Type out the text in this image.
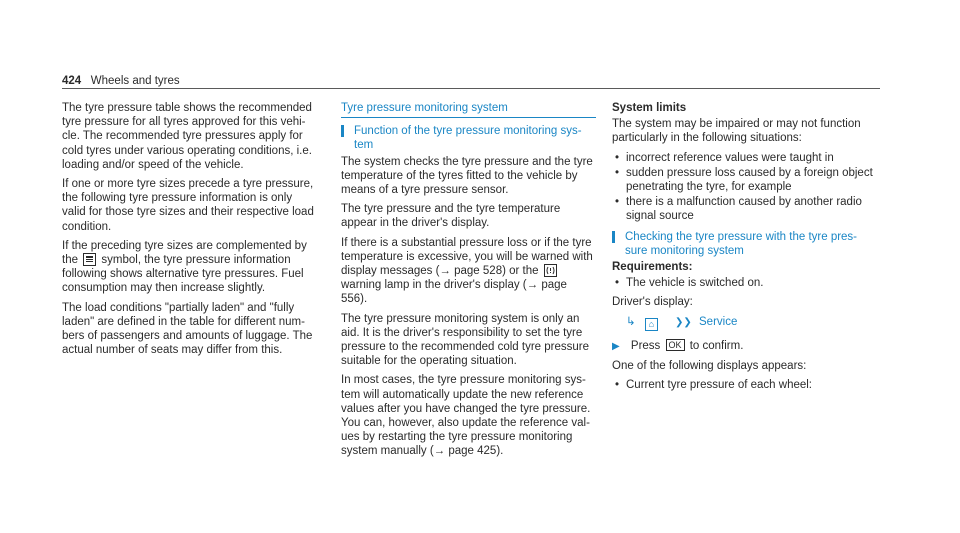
424 Wheels and tyres

The tyre pressure table shows the recommended tyre pressure for all tyres approved for this vehi- cle. The recommended tyre pressures apply for cold tyres under various operating conditions, i.e. loading and/or speed of the vehicle.

If one or more tyre sizes precede a tyre pressure, the following tyre pressure information is only valid for those tyre sizes and their respective load condition.

If the preceding tyre sizes are complemented by the symbol, the tyre pressure information following shows alternative tyre pressures. Fuel consumption may then increase slightly.

The load conditions "partially laden" and "fully laden" are defined in the table for different num- bers of passengers and amounts of luggage. The actual number of seats may differ from this.

Tyre pressure monitoring system
Function of the tyre pressure monitoring sys- tem

The system checks the tyre pressure and the tyre temperature of the tyres fitted to the vehicle by means of a tyre pressure sensor.

The tyre pressure and the tyre temperature appear in the driver's display.

If there is a substantial pressure loss or if the tyre temperature is excessive, you will be warned with display messages (→ page 528) or the  warning lamp in the driver's display (→ page 556).

The tyre pressure monitoring system is only an aid. It is the driver's responsibility to set the tyre pressure to the recommended cold tyre pressure suitable for the operating situation.

In most cases, the tyre pressure monitoring sys- tem will automatically update the new reference values after you have changed the tyre pressure. You can, however, also update the reference val- ues by restarting the tyre pressure monitoring system manually (→ page 425).

System limits

The system may be impaired or may not function particularly in the following situations:

• incorrect reference values were taught in
• sudden pressure loss caused by a foreign object penetrating the tyre, for example
• there is a malfunction caused by another radio signal source
Checking the tyre pressure with the tyre pres- sure monitoring system
Requirements:
• The vehicle is switched on.

Driver's display:

↳ ⌂ ❯❯ Service

▶ Press OK to confirm.

One of the following displays appears:

• Current tyre pressure of each wheel:
